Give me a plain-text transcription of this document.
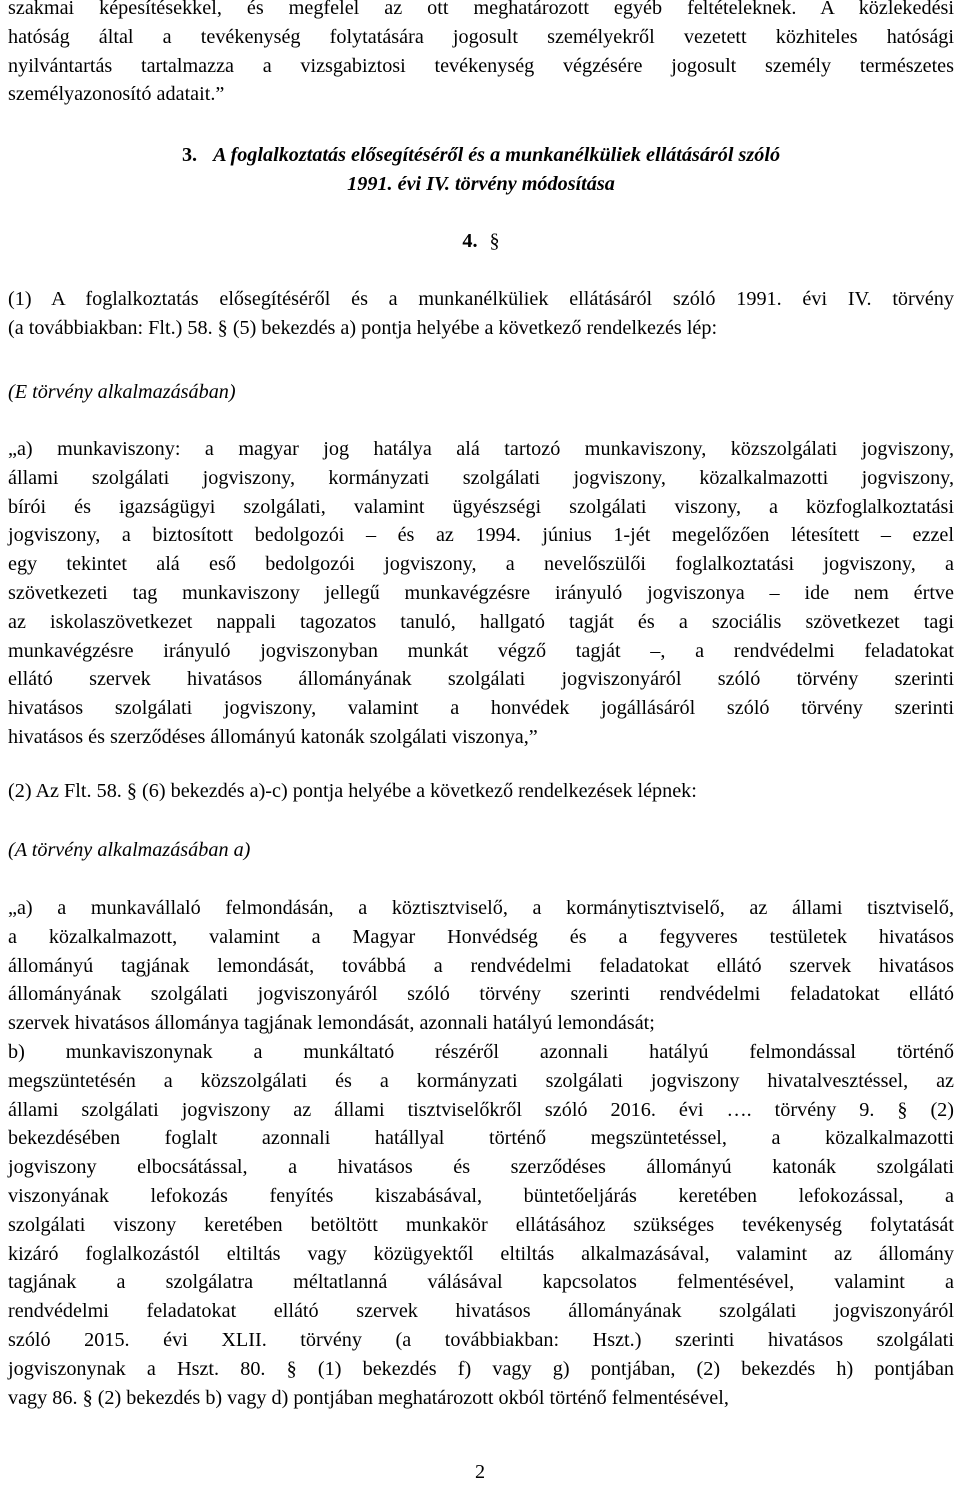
szakmai képesítésekkel, és megfelel az ott meghatározott egyéb feltételeknek. A közlekedési
hatóság által a tevékenység folytatására jogosult személyekről vezetett közhiteles hatósági
nyilvántartás tartalmazza a vizsgabiztosi tevékenység végzésére jogosult személy természetes
személyazonosító adatait.”
3. A foglalkoztatás elősegítéséről és a munkanélküliek ellátásáról szóló
1991. évi IV. törvény módosítása
4. §
(1) A foglalkoztatás elősegítéséről és a munkanélküliek ellátásáról szóló 1991. évi IV. törvény
(a továbbiakban: Flt.) 58. § (5) bekezdés a) pontja helyébe a következő rendelkezés lép:
(E törvény alkalmazásában)
„a) munkaviszony: a magyar jog hatálya alá tartozó munkaviszony, közszolgálati jogviszony,
állami szolgálati jogviszony, kormányzati szolgálati jogviszony, közalkalmazotti jogviszony,
bírói és igazságügyi szolgálati, valamint ügyészségi szolgálati viszony, a közfoglalkoztatási
jogviszony, a biztosított bedolgozói – és az 1994. június 1-jét megelőzően létesített – ezzel
egy tekintet alá eső bedolgozói jogviszony, a nevelőszülői foglalkoztatási jogviszony, a
szövetkezeti tag munkaviszony jellegű munkavégzésre irányuló jogviszonya – ide nem értve
az iskolaszövetkezet nappali tagozatos tanuló, hallgató tagját és a szociális szövetkezet tagi
munkavégzésre irányuló jogviszonyban munkát végző tagját –, a rendvédelmi feladatokat
ellátó szervek hivatásos állományának szolgálati jogviszonyáról szóló törvény szerinti
hivatásos szolgálati jogviszony, valamint a honvédek jogállásáról szóló törvény szerinti
hivatásos és szerződéses állományú katonák szolgálati viszonya,”
(2) Az Flt. 58. § (6) bekezdés a)-c) pontja helyébe a következő rendelkezések lépnek:
(A törvény alkalmazásában a)
„a) a munkavállaló felmondásán, a köztisztviselő, a kormánytisztviselő, az állami tisztviselő,
a közalkalmazott, valamint a Magyar Honvédség és a fegyveres testületek hivatásos
állományú tagjának lemondását, továbbá a rendvédelmi feladatokat ellátó szervek hivatásos
állományának szolgálati jogviszonyáról szóló törvény szerinti rendvédelmi feladatokat ellátó
szervek hivatásos állománya tagjának lemondását, azonnali hatályú lemondását;
b) munkaviszonynak a munkáltató részéről azonnali hatályú felmondással történő
megszüntetésén a közszolgálati és a kormányzati szolgálati jogviszony hivatalvesztéssel, az
állami szolgálati jogviszony az állami tisztviselőkről szóló 2016. évi …. törvény 9. § (2)
bekezdésében foglalt azonnali hatállyal történő megszüntetéssel, a közalkalmazotti
jogviszony elbocsátással, a hivatásos és szerződéses állományú katonák szolgálati
viszonyának lefokozás fenyítés kiszabásával, büntetőeljárás keretében lefokozással, a
szolgálati viszony keretében betöltött munkakör ellátásához szükséges tevékenység folytatását
kizáró foglalkozástól eltiltás vagy közügyektől eltiltás alkalmazásával, valamint az állomány
tagjának a szolgálatra méltatlanná válásával kapcsolatos felmentésével, valamint a
rendvédelmi feladatokat ellátó szervek hivatásos állományának szolgálati jogviszonyáról
szóló 2015. évi XLII. törvény (a továbbiakban: Hszt.) szerinti hivatásos szolgálati
jogviszonynak a Hszt. 80. § (1) bekezdés f) vagy g) pontjában, (2) bekezdés h) pontjában
vagy 86. § (2) bekezdés b) vagy d) pontjában meghatározott okból történő felmentésével,
2
